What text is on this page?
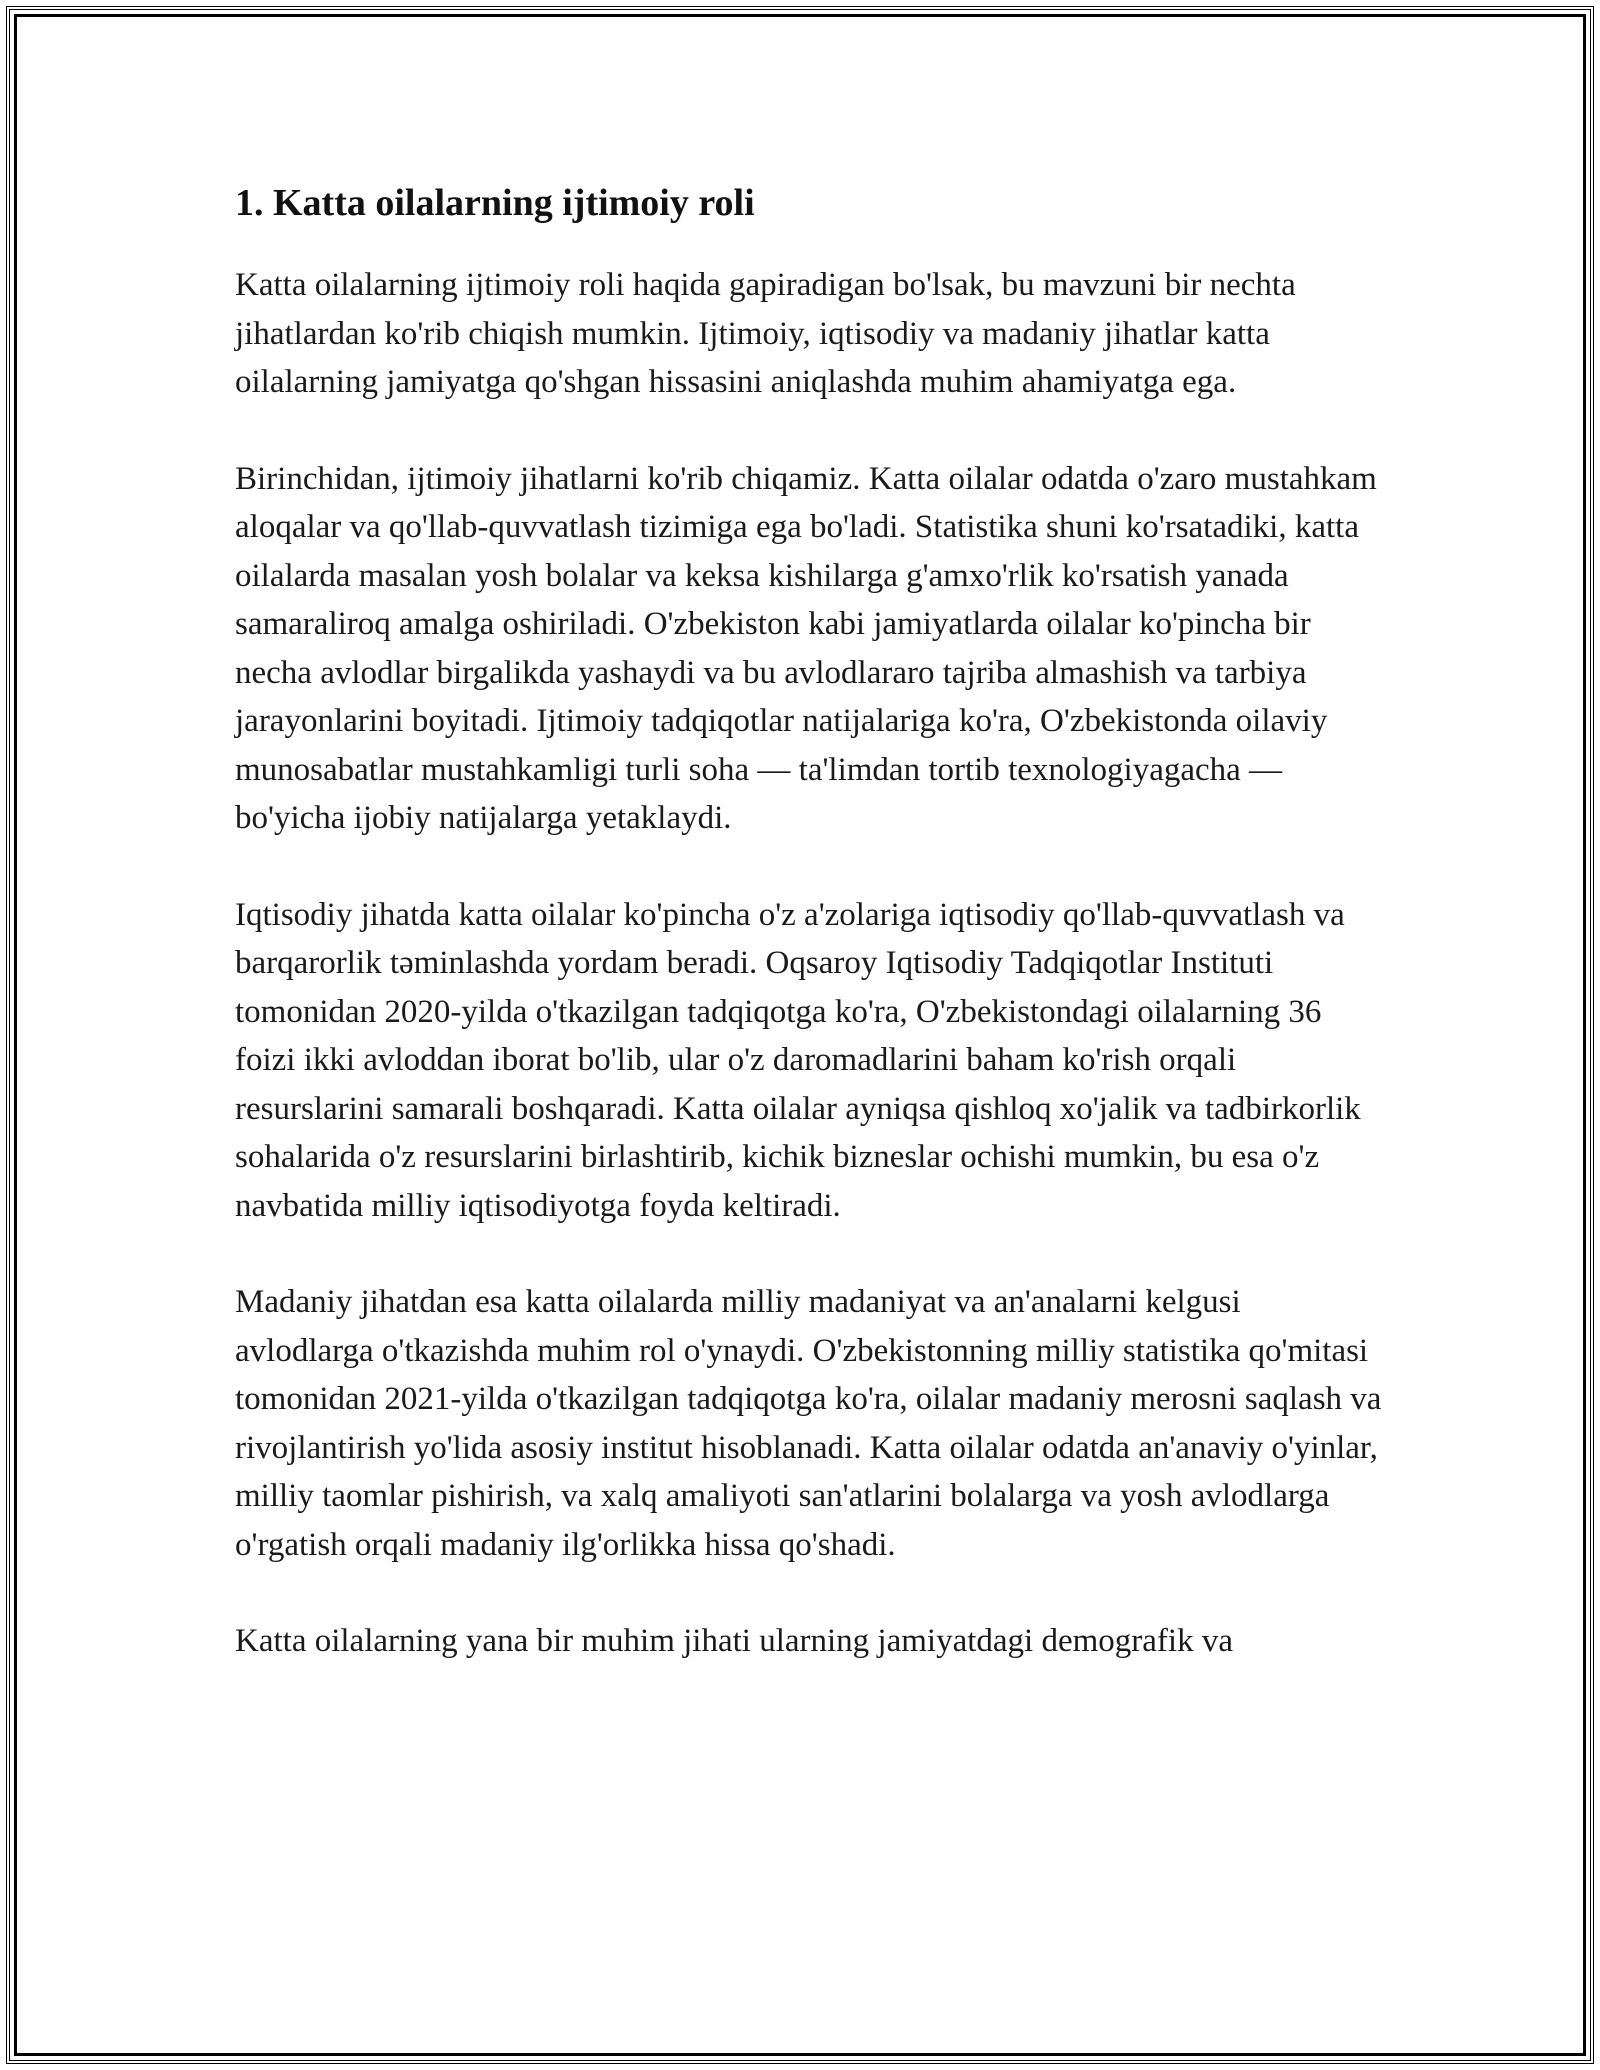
1. Katta oilalarning ijtimoiy roli

Katta oilalarning ijtimoiy roli haqida gapiradigan bo'lsak, bu mavzuni bir nechta jihatlardan ko'rib chiqish mumkin. Ijtimoiy, iqtisodiy va madaniy jihatlar katta oilalarning jamiyatga qo'shgan hissasini aniqlashda muhim ahamiyatga ega.

Birinchidan, ijtimoiy jihatlarni ko'rib chiqamiz. Katta oilalar odatda o'zaro mustahkam aloqalar va qo'llab-quvvatlash tizimiga ega bo'ladi. Statistika shuni ko'rsatadiki, katta oilalarda masalan yosh bolalar va keksa kishilarga g'amxo'rlik ko'rsatish yanada samaraliroq amalga oshiriladi. O'zbekiston kabi jamiyatlarda oilalar ko'pincha bir necha avlodlar birgalikda yashaydi va bu avlodlararo tajriba almashish va tarbiya jarayonlarini boyitadi. Ijtimoiy tadqiqotlar natijalariga ko'ra, O'zbekistonda oilaviy munosabatlar mustahkamligi turli soha — ta'limdan tortib texnologiyagacha — bo'yicha ijobiy natijalarga yetaklaydi.

Iqtisodiy jihatda katta oilalar ko'pincha o'z a'zolariga iqtisodiy qo'llab-quvvatlash va barqarorlik təminlashda yordam beradi. Oqsaroy Iqtisodiy Tadqiqotlar Instituti tomonidan 2020-yilda o'tkazilgan tadqiqotga ko'ra, O'zbekistondagi oilalarning 36 foizi ikki avloddan iborat bo'lib, ular o'z daromadlarini baham ko'rish orqali resurslarini samarali boshqaradi. Katta oilalar ayniqsa qishloq xo'jalik va tadbirkorlik sohalarida o'z resurslarini birlashtirib, kichik bizneslar ochishi mumkin, bu esa o'z navbatida milliy iqtisodiyotga foyda keltiradi.

Madaniy jihatdan esa katta oilalarda milliy madaniyat va an'analarni kelgusi avlodlarga o'tkazishda muhim rol o'ynaydi. O'zbekistonning milliy statistika qo'mitasi tomonidan 2021-yilda o'tkazilgan tadqiqotga ko'ra, oilalar madaniy merosni saqlash va rivojlantirish yo'lida asosiy institut hisoblanadi. Katta oilalar odatda an'anaviy o'yinlar, milliy taomlar pishirish, va xalq amaliyoti san'atlarini bolalarga va yosh avlodlarga o'rgatish orqali madaniy ilg'orlikka hissa qo'shadi.

Katta oilalarning yana bir muhim jihati ularning jamiyatdagi demografik va
